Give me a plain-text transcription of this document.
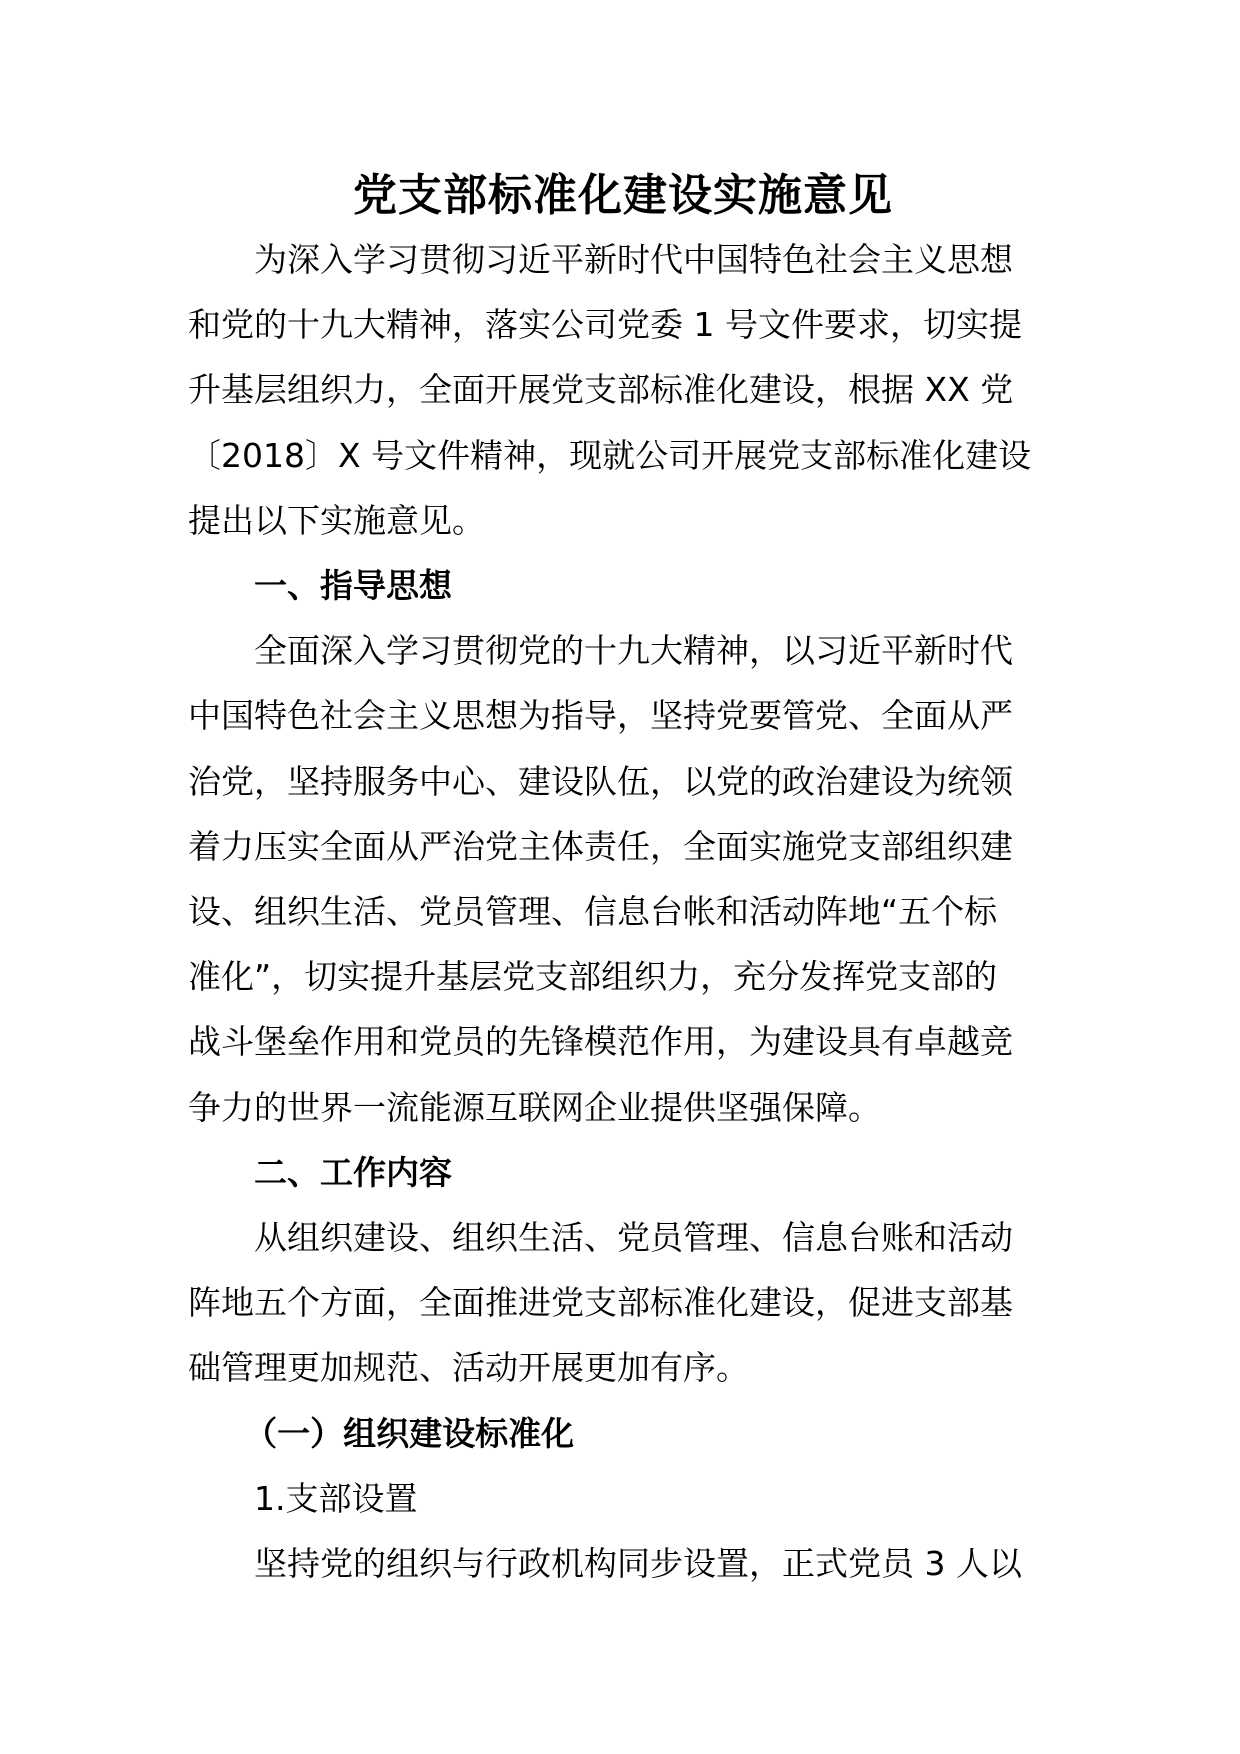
党支部标准化建设实施意见

为深入学习贯彻习近平新时代中国特色社会主义思想
和党的十九大精神，落实公司党委 1 号文件要求，切实提
升基层组织力，全面开展党支部标准化建设，根据 XX 党
〔2018〕X 号文件精神，现就公司开展党支部标准化建设
提出以下实施意见。

一、指导思想

全面深入学习贯彻党的十九大精神，以习近平新时代
中国特色社会主义思想为指导，坚持党要管党、全面从严
治党，坚持服务中心、建设队伍，以党的政治建设为统领
着力压实全面从严治党主体责任，全面实施党支部组织建
设、组织生活、党员管理、信息台帐和活动阵地“五个标
准化”，切实提升基层党支部组织力，充分发挥党支部的
战斗堡垒作用和党员的先锋模范作用，为建设具有卓越竞
争力的世界一流能源互联网企业提供坚强保障。

二、工作内容

从组织建设、组织生活、党员管理、信息台账和活动
阵地五个方面，全面推进党支部标准化建设，促进支部基
础管理更加规范、活动开展更加有序。

（一）组织建设标准化

1.支部设置

坚持党的组织与行政机构同步设置，正式党员 3 人以
